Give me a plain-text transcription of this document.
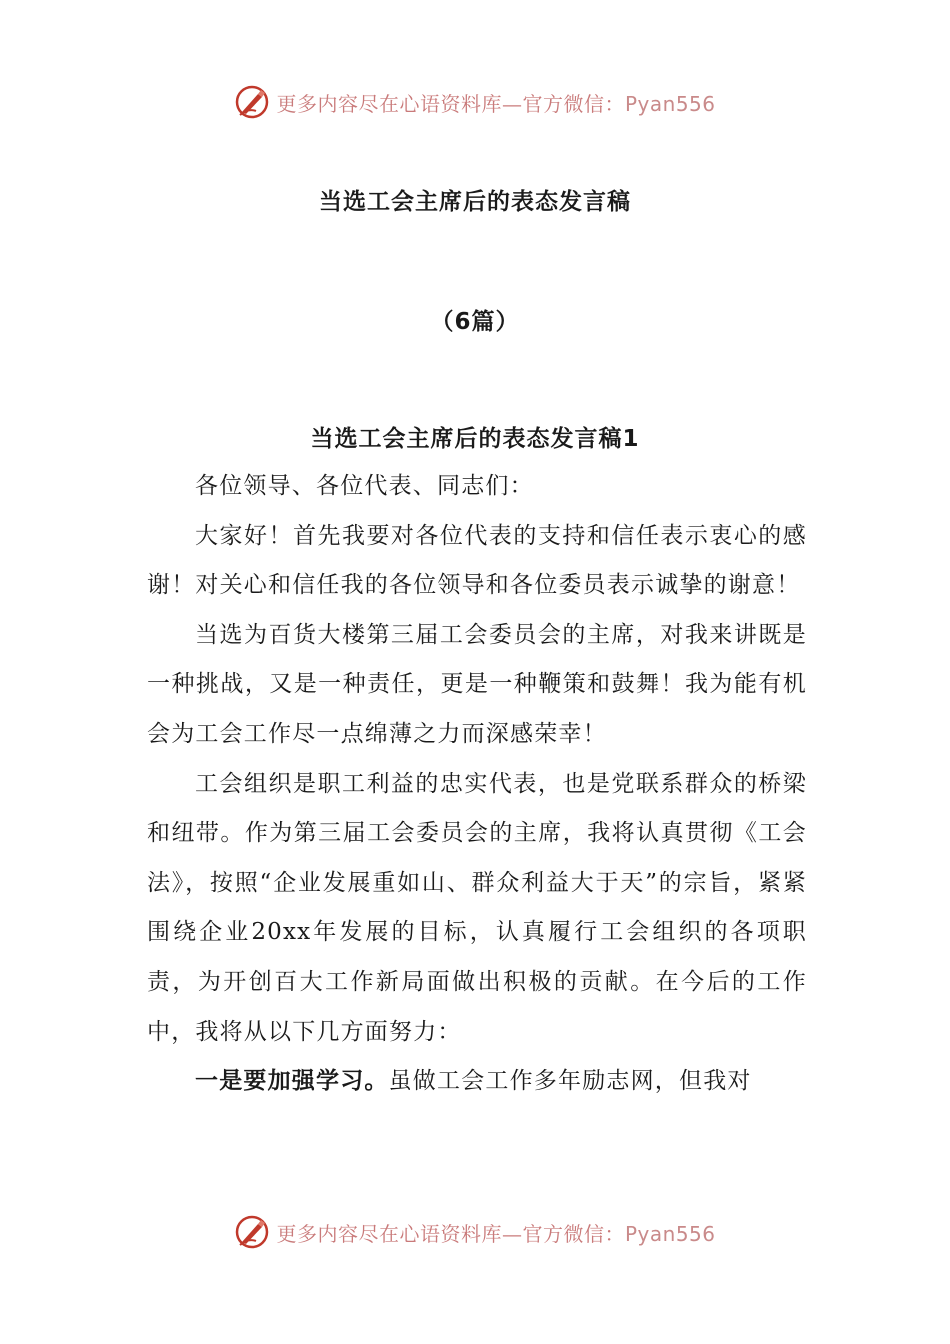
更多内容尽在心语资料库—官方微信：Pyan556
当选工会主席后的表态发言稿
（6篇）
当选工会主席后的表态发言稿1

各位领导、各位代表、同志们：

大家好！首先我要对各位代表的支持和信任表示衷心的感谢！对关心和信任我的各位领导和各位委员表示诚挚的谢意！

当选为百货大楼第三届工会委员会的主席，对我来讲既是一种挑战，又是一种责任，更是一种鞭策和鼓舞！我为能有机会为工会工作尽一点绵薄之力而深感荣幸！

工会组织是职工利益的忠实代表，也是党联系群众的桥梁和纽带。作为第三届工会委员会的主席，我将认真贯彻《工会法》，按照“企业发展重如山、群众利益大于天”的宗旨，紧紧围绕企业20xx年发展的目标，认真履行工会组织的各项职责，为开创百大工作新局面做出积极的贡献。在今后的工作中，我将从以下几方面努力：

一是要加强学习。虽做工会工作多年励志网，但我对

更多内容尽在心语资料库—官方微信：Pyan556
